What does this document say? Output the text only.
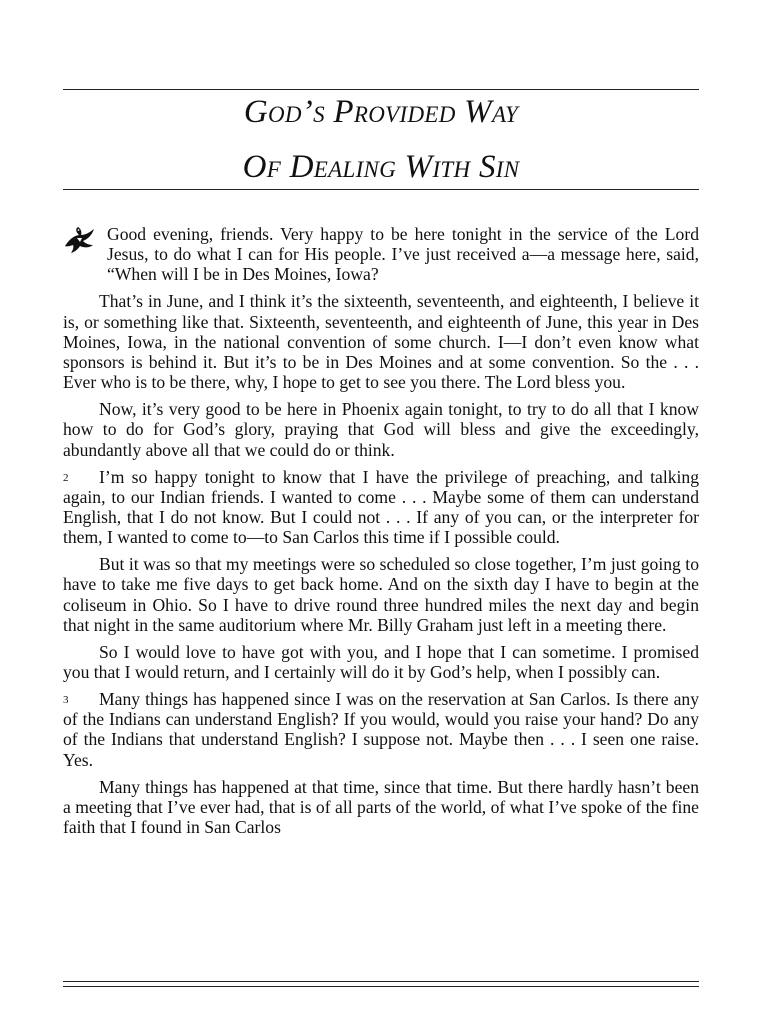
God’s Provided Way
Of Dealing With Sin
Good evening, friends. Very happy to be here tonight in the service of the Lord Jesus, to do what I can for His people. I’ve just received a—a message here, said, “When will I be in Des Moines, Iowa?

That’s in June, and I think it’s the sixteenth, seventeenth, and eighteenth, I believe it is, or something like that. Sixteenth, seventeenth, and eighteenth of June, this year in Des Moines, Iowa, in the national convention of some church. I—I don’t even know what sponsors is behind it. But it’s to be in Des Moines and at some convention. So the . . . Ever who is to be there, why, I hope to get to see you there. The Lord bless you.

Now, it’s very good to be here in Phoenix again tonight, to try to do all that I know how to do for God’s glory, praying that God will bless and give the exceedingly, abundantly above all that we could do or think.

2 I’m so happy tonight to know that I have the privilege of preaching, and talking again, to our Indian friends. I wanted to come . . . Maybe some of them can understand English, that I do not know. But I could not . . . If any of you can, or the interpreter for them, I wanted to come to—to San Carlos this time if I possible could.

But it was so that my meetings were so scheduled so close together, I’m just going to have to take me five days to get back home. And on the sixth day I have to begin at the coliseum in Ohio. So I have to drive round three hundred miles the next day and begin that night in the same auditorium where Mr. Billy Graham just left in a meeting there.

So I would love to have got with you, and I hope that I can sometime. I promised you that I would return, and I certainly will do it by God’s help, when I possibly can.

3 Many things has happened since I was on the reservation at San Carlos. Is there any of the Indians can understand English? If you would, would you raise your hand? Do any of the Indians that understand English? I suppose not. Maybe then . . . I seen one raise. Yes.

Many things has happened at that time, since that time. But there hardly hasn’t been a meeting that I’ve ever had, that is of all parts of the world, of what I’ve spoke of the fine faith that I found in San Carlos
